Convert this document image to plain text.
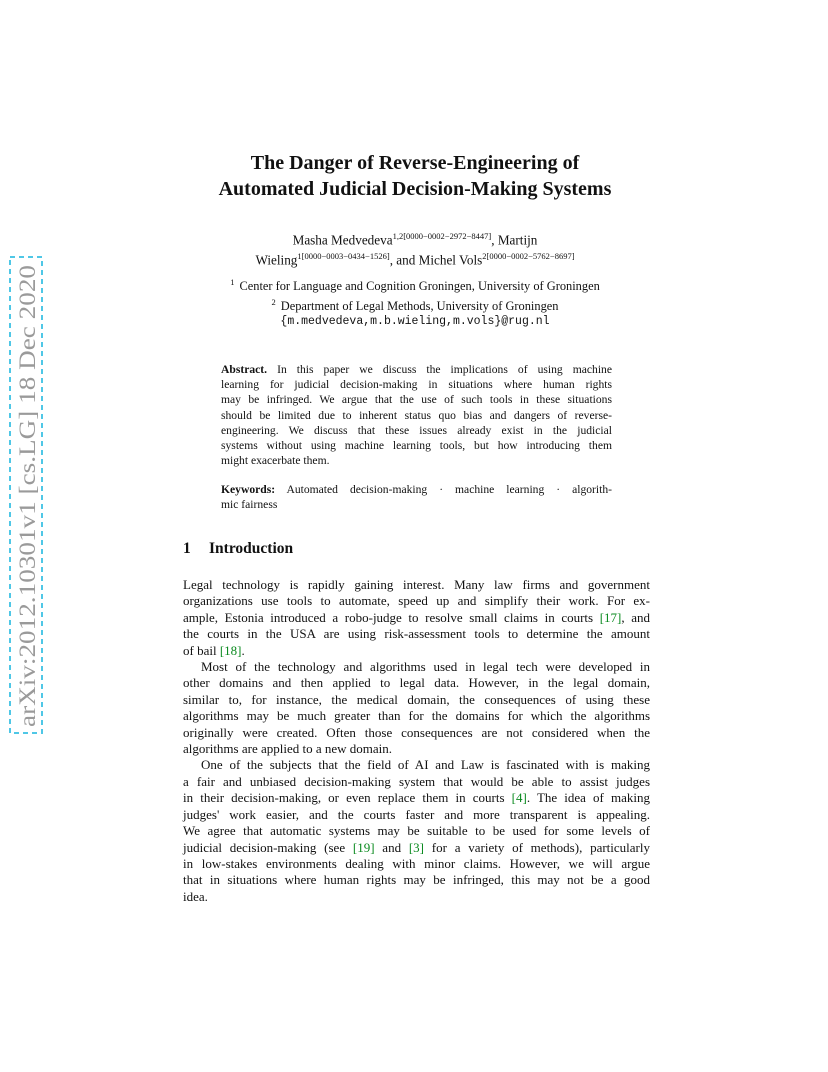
arXiv:2012.10301v1 [cs.LG] 18 Dec 2020
The Danger of Reverse-Engineering of
Automated Judicial Decision-Making Systems
Masha Medvedeva$^{1,2[0000-0002-2972-8447]}$, Martijn
Wieling$^{1[0000-0003-0434-1526]}$, and Michel Vols$^{2[0000-0002-5762-8697]}$
$^1$ Center for Language and Cognition Groningen, University of Groningen
$^2$ Department of Legal Methods, University of Groningen
{m.medvedeva,m.b.wieling,m.vols}@rug.nl
Abstract. In this paper we discuss the implications of using machine
learning for judicial decision-making in situations where human rights
may be infringed. We argue that the use of such tools in these situations
should be limited due to inherent status quo bias and dangers of reverse-
engineering. We discuss that these issues already exist in the judicial
systems without using machine learning tools, but how introducing them
might exacerbate them.
Keywords: Automated decision-making · machine learning · algorith-
mic fairness
1 Introduction
Legal technology is rapidly gaining interest. Many law firms and government
organizations use tools to automate, speed up and simplify their work. For ex-
ample, Estonia introduced a robo-judge to resolve small claims in courts [17], and
the courts in the USA are using risk-assessment tools to determine the amount
of bail [18].
Most of the technology and algorithms used in legal tech were developed in
other domains and then applied to legal data. However, in the legal domain,
similar to, for instance, the medical domain, the consequences of using these
algorithms may be much greater than for the domains for which the algorithms
originally were created. Often those consequences are not considered when the
algorithms are applied to a new domain.
One of the subjects that the field of AI and Law is fascinated with is making
a fair and unbiased decision-making system that would be able to assist judges
in their decision-making, or even replace them in courts [4]. The idea of making
judges' work easier, and the courts faster and more transparent is appealing.
We agree that automatic systems may be suitable to be used for some levels of
judicial decision-making (see [19] and [3] for a variety of methods), particularly
in low-stakes environments dealing with minor claims. However, we will argue
that in situations where human rights may be infringed, this may not be a good
idea.
